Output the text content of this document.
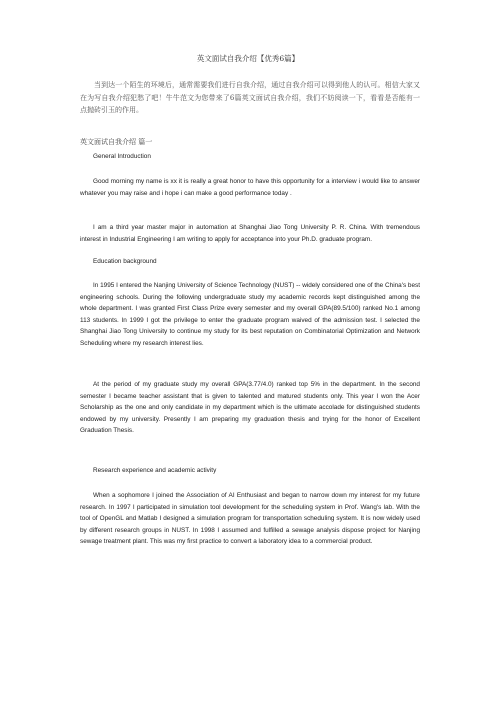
英文面试自我介绍【优秀6篇】
当到达一个陌生的环境后，通常需要我们进行自我介绍，通过自我介绍可以得到他人的认可。相信大家又在为写自我介绍犯愁了吧！牛牛范文为您带来了6篇英文面试自我介绍，我们不妨阅读一下，看看是否能有一点抛砖引玉的作用。
英文面试自我介绍 篇一
General Introduction

Good morning my name is xx it is really a great honor to have this opportunity for a interview i would like to answer whatever you may raise and i hope i can make a good performance today .

I am a third year master major in automation at Shanghai Jiao Tong University P. R. China. With tremendous interest in Industrial Engineering I am writing to apply for acceptance into your Ph.D. graduate program.

Education background

In 1995 I entered the Nanjing University of Science Technology (NUST) -- widely considered one of the China's best engineering schools. During the following undergraduate study my academic records kept distinguished among the whole department. I was granted First Class Prize every semester and my overall GPA(89.5/100) ranked No.1 among 113 students. In 1999 I got the privilege to enter the graduate program waived of the admission test. I selected the Shanghai Jiao Tong University to continue my study for its best reputation on Combinatorial Optimization and Network Scheduling where my research interest lies.

At the period of my graduate study my overall GPA(3.77/4.0) ranked top 5% in the department. In the second semester I became teacher assistant that is given to talented and matured students only. This year I won the Acer Scholarship as the one and only candidate in my department which is the ultimate accolade for distinguished students endowed by my university. Presently I am preparing my graduation thesis and trying for the honor of Excellent Graduation Thesis.

Research experience and academic activity

When a sophomore I joined the Association of AI Enthusiast and began to narrow down my interest for my future research. In 1997 I participated in simulation tool development for the scheduling system in Prof. Wang's lab. With the tool of OpenGL and Matlab I designed a simulation program for transportation scheduling system. It is now widely used by different research groups in NUST. In 1998 I assumed and fulfilled a sewage analysis dispose project for Nanjing sewage treatment plant. This was my first practice to convert a laboratory idea to a commercial product.
